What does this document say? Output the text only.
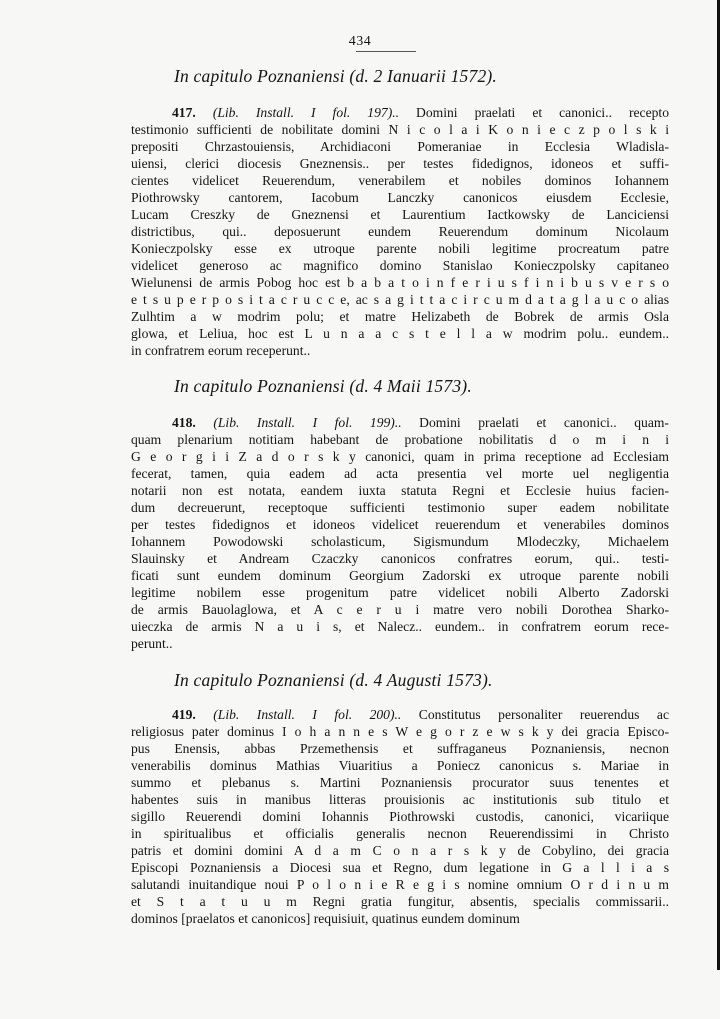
434
In capitulo Poznaniensi (d. 2 Ianuarii 1572).
417. (Lib. Install. I fol. 197).. Domini praelati et canonici.. recepto
testimonio sufficienti de nobilitate domini N i c o l a i K o n i e c z p o l s k i
prepositi Chrzastouiensis, Archidiaconi Pomeraniae in Ecclesia Wladisla-
uiensi, clerici diocesis Gneznensis.. per testes fidedignos, idoneos et suffi-
cientes videlicet Reuerendum, venerabilem et nobiles dominos Iohannem
Piothrowsky cantorem, Iacobum Lanczky canonicos eiusdem Ecclesie,
Lucam Creszky de Gneznensi et Laurentium Iactkowsky de Lanciciensi
districtibus, qui.. deposuerunt eundem Reuerendum dominum Nicolaum
Konieczpolsky esse ex utroque parente nobili legitime procreatum patre
videlicet generoso ac magnifico domino Stanislao Konieczpolsky capitaneo
Wielunensi de armis Pobog hoc est b a b a t o i n f e r i u s f i n i b u s v e r s o
e t s u p e r p o s i t a c r u c c e, ac s a g i t t a c i r c u m d a t a g l a u c o alias
Zulhtim a w modrim polu; et matre Helizabeth de Bobrek de armis Osla
glowa, et Leliua, hoc est L u n a a c s t e l l a w modrim polu.. eundem..
in confratrem eorum receperunt..
In capitulo Poznaniensi (d. 4 Maii 1573).
418. (Lib. Install. I fol. 199).. Domini praelati et canonici.. quam-
quam plenarium notitiam habebant de probatione nobilitatis d o m i n i
G e o r g i i Z a d o r s k y canonici, quam in prima receptione ad Ecclesiam
fecerat, tamen, quia eadem ad acta presentia vel morte uel negligentia
notarii non est notata, eandem iuxta statuta Regni et Ecclesie huius facien-
dum decreuerunt, receptoque sufficienti testimonio super eadem nobilitate
per testes fidedignos et idoneos videlicet reuerendum et venerabiles dominos
Iohannem Powodowski scholasticum, Sigismundum Mlodeczky, Michaelem
Slauinsky et Andream Czaczky canonicos confratres eorum, qui.. testi-
ficati sunt eundem dominum Georgium Zadorski ex utroque parente nobili
legitime nobilem esse progenitum patre videlicet nobili Alberto Zadorski
de armis Bauolaglowa, et A c e r u i matre vero nobili Dorothea Sharko-
uieczka de armis N a u i s, et Nalecz.. eundem.. in confratrem eorum rece-
perunt..
In capitulo Poznaniensi (d. 4 Augusti 1573).
419. (Lib. Install. I fol. 200).. Constitutus personaliter reuerendus ac
religiosus pater dominus I o h a n n e s W e g o r z e w s k y dei gracia Episco-
pus Enensis, abbas Przemethensis et suffraganeus Poznaniensis, necnon
venerabilis dominus Mathias Viuaritius a Poniecz canonicus s. Mariae in
summo et plebanus s. Martini Poznaniensis procurator suus tenentes et
habentes suis in manibus litteras prouisionis ac institutionis sub titulo et
sigillo Reuerendi domini Iohannis Piothrowski custodis, canonici, vicariique
in spiritualibus et officialis generalis necnon Reuerendissimi in Christo
patris et domini domini A d a m C o n a r s k y de Cobylino, dei gracia
Episcopi Poznaniensis a Diocesi sua et Regno, dum legatione in G a l l i a s
salutandi inuitandique noui P o l o n i e R e g i s nomine omnium O r d i n u m
et S t a t u u m Regni gratia fungitur, absentis, specialis commissarii..
dominos [praelatos et canonicos] requisiuit, quatinus eundem dominum
